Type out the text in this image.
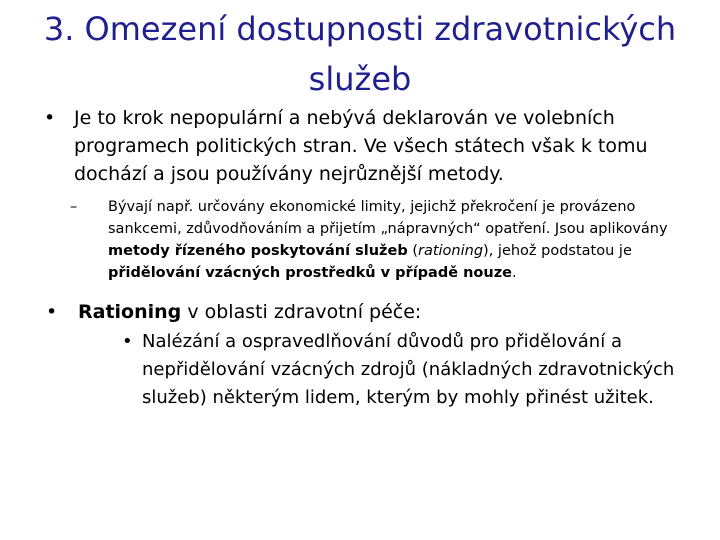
3. Omezení dostupnosti zdravotnických
služeb
• Je to krok nepopulární a nebývá deklarován ve volebních programech politických stran. Ve všech státech však k tomu dochází a jsou používány nejrůznější metody.
– Bývají např. určovány ekonomické limity, jejichž překročení je provázeno sankcemi, zdůvodňováním a přijetím „nápravných“ opatření. Jsou aplikovány metody řízeného poskytování služeb (rationing), jehož podstatou je přidělování vzácných prostředků v případě nouze.
• Rationing v oblasti zdravotní péče:
• Nalézání a ospravedlňování důvodů pro přidělování a nepřidělování vzácných zdrojů (nákladných zdravotnických služeb) některým lidem, kterým by mohly přinést užitek.
